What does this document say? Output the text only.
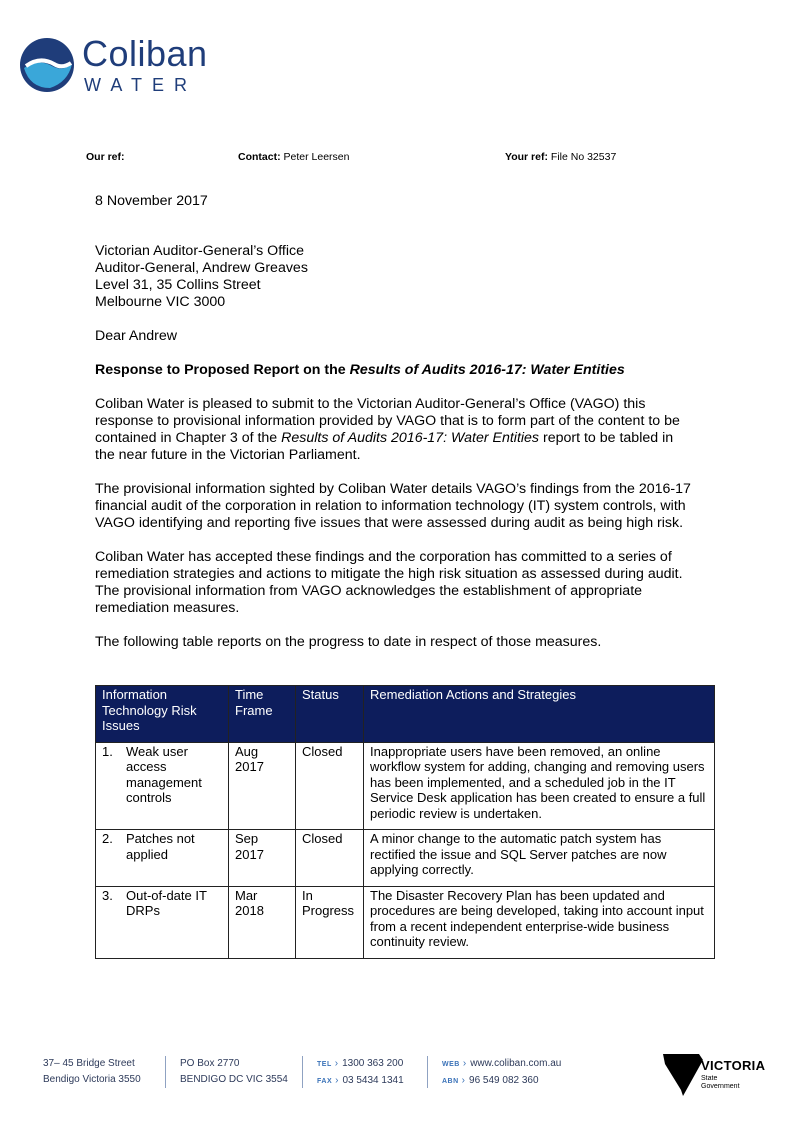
Coliban
WATER
Our ref:	Contact: Peter Leersen	Your ref: File No 32537
8 November 2017
Victorian Auditor-General’s Office
Auditor-General, Andrew Greaves
Level 31, 35 Collins Street
Melbourne VIC 3000
Dear Andrew
Response to Proposed Report on the Results of Audits 2016-17: Water Entities
Coliban Water is pleased to submit to the Victorian Auditor-General’s Office (VAGO) this response to provisional information provided by VAGO that is to form part of the content to be contained in Chapter 3 of the Results of Audits 2016-17: Water Entities report to be tabled in the near future in the Victorian Parliament.
The provisional information sighted by Coliban Water details VAGO’s findings from the 2016-17 financial audit of the corporation in relation to information technology (IT) system controls, with VAGO identifying and reporting five issues that were assessed during audit as being high risk.
Coliban Water has accepted these findings and the corporation has committed to a series of remediation strategies and actions to mitigate the high risk situation as assessed during audit. The provisional information from VAGO acknowledges the establishment of appropriate remediation measures.
The following table reports on the progress to date in respect of those measures.
Information Technology Risk Issues	Time Frame	Status	Remediation Actions and Strategies

1. Weak user access management controls	Aug 2017	Closed	Inappropriate users have been removed, an online workflow system for adding, changing and removing users has been implemented, and a scheduled job in the IT Service Desk application has been created to ensure a full periodic review is undertaken.

2. Patches not applied	Sep 2017	Closed	A minor change to the automatic patch system has rectified the issue and SQL Server patches are now applying correctly.

3. Out-of-date IT DRPs	Mar 2018	In Progress	The Disaster Recovery Plan has been updated and procedures are being developed, taking into account input from a recent independent enterprise-wide business continuity review.
37– 45 Bridge Street
Bendigo Victoria 3550
PO Box 2770
BENDIGO DC VIC 3554
TEL › 1300 363 200
FAX › 03 5434 1341
WEB › www.coliban.com.au
ABN › 96 549 082 360
VICTORIA
State
Government
